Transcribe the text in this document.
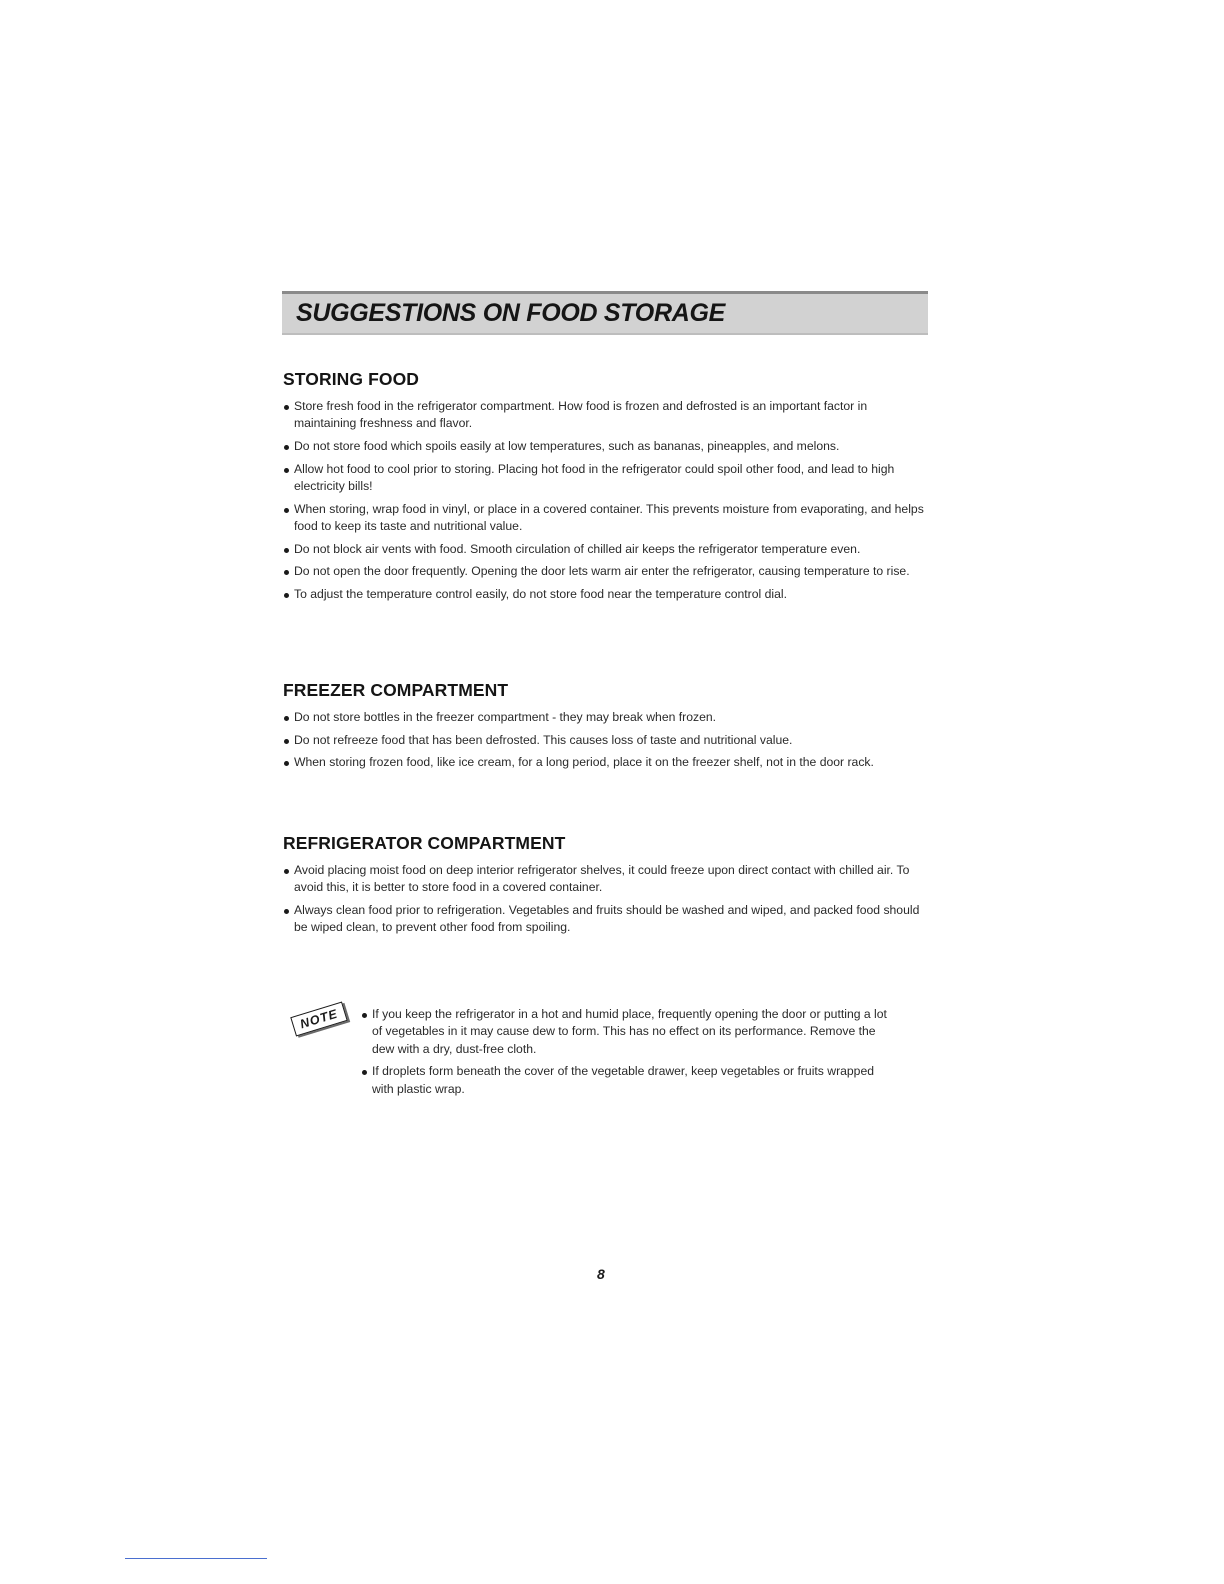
SUGGESTIONS ON FOOD STORAGE
STORING FOOD
Store fresh food in the refrigerator compartment. How food is frozen and defrosted is an important factor in maintaining freshness and flavor.
Do not store food which spoils easily at low temperatures, such as bananas, pineapples, and melons.
Allow hot food to cool prior to storing. Placing hot food in the refrigerator could spoil other food, and lead to high electricity bills!
When storing, wrap food in vinyl, or place in a covered container. This prevents moisture from evaporating, and helps food to keep its taste and nutritional value.
Do not block air vents with food. Smooth circulation of chilled air keeps the refrigerator temperature even.
Do not open the door frequently. Opening the door lets warm air enter the refrigerator, causing temperature to rise.
To adjust the temperature control easily, do not store food near the temperature control dial.
FREEZER COMPARTMENT
Do not store bottles in the freezer compartment - they may break when frozen.
Do not refreeze food that has been defrosted. This causes loss of taste and nutritional value.
When storing frozen food, like ice cream, for a long period, place it on the freezer shelf, not in the door rack.
REFRIGERATOR COMPARTMENT
Avoid placing moist food on deep interior refrigerator shelves, it could freeze upon direct contact with chilled air. To avoid this, it is better to store food in a covered container.
Always clean food prior to refrigeration. Vegetables and fruits should be washed and wiped, and packed food should be wiped clean, to prevent other food from spoiling.
NOTE	If you keep the refrigerator in a hot and humid place, frequently opening the door or putting a lot of vegetables in it may cause dew to form. This has no effect on its performance. Remove the dew with a dry, dust-free cloth.
If droplets form beneath the cover of the vegetable drawer, keep vegetables or fruits wrapped with plastic wrap.
8
